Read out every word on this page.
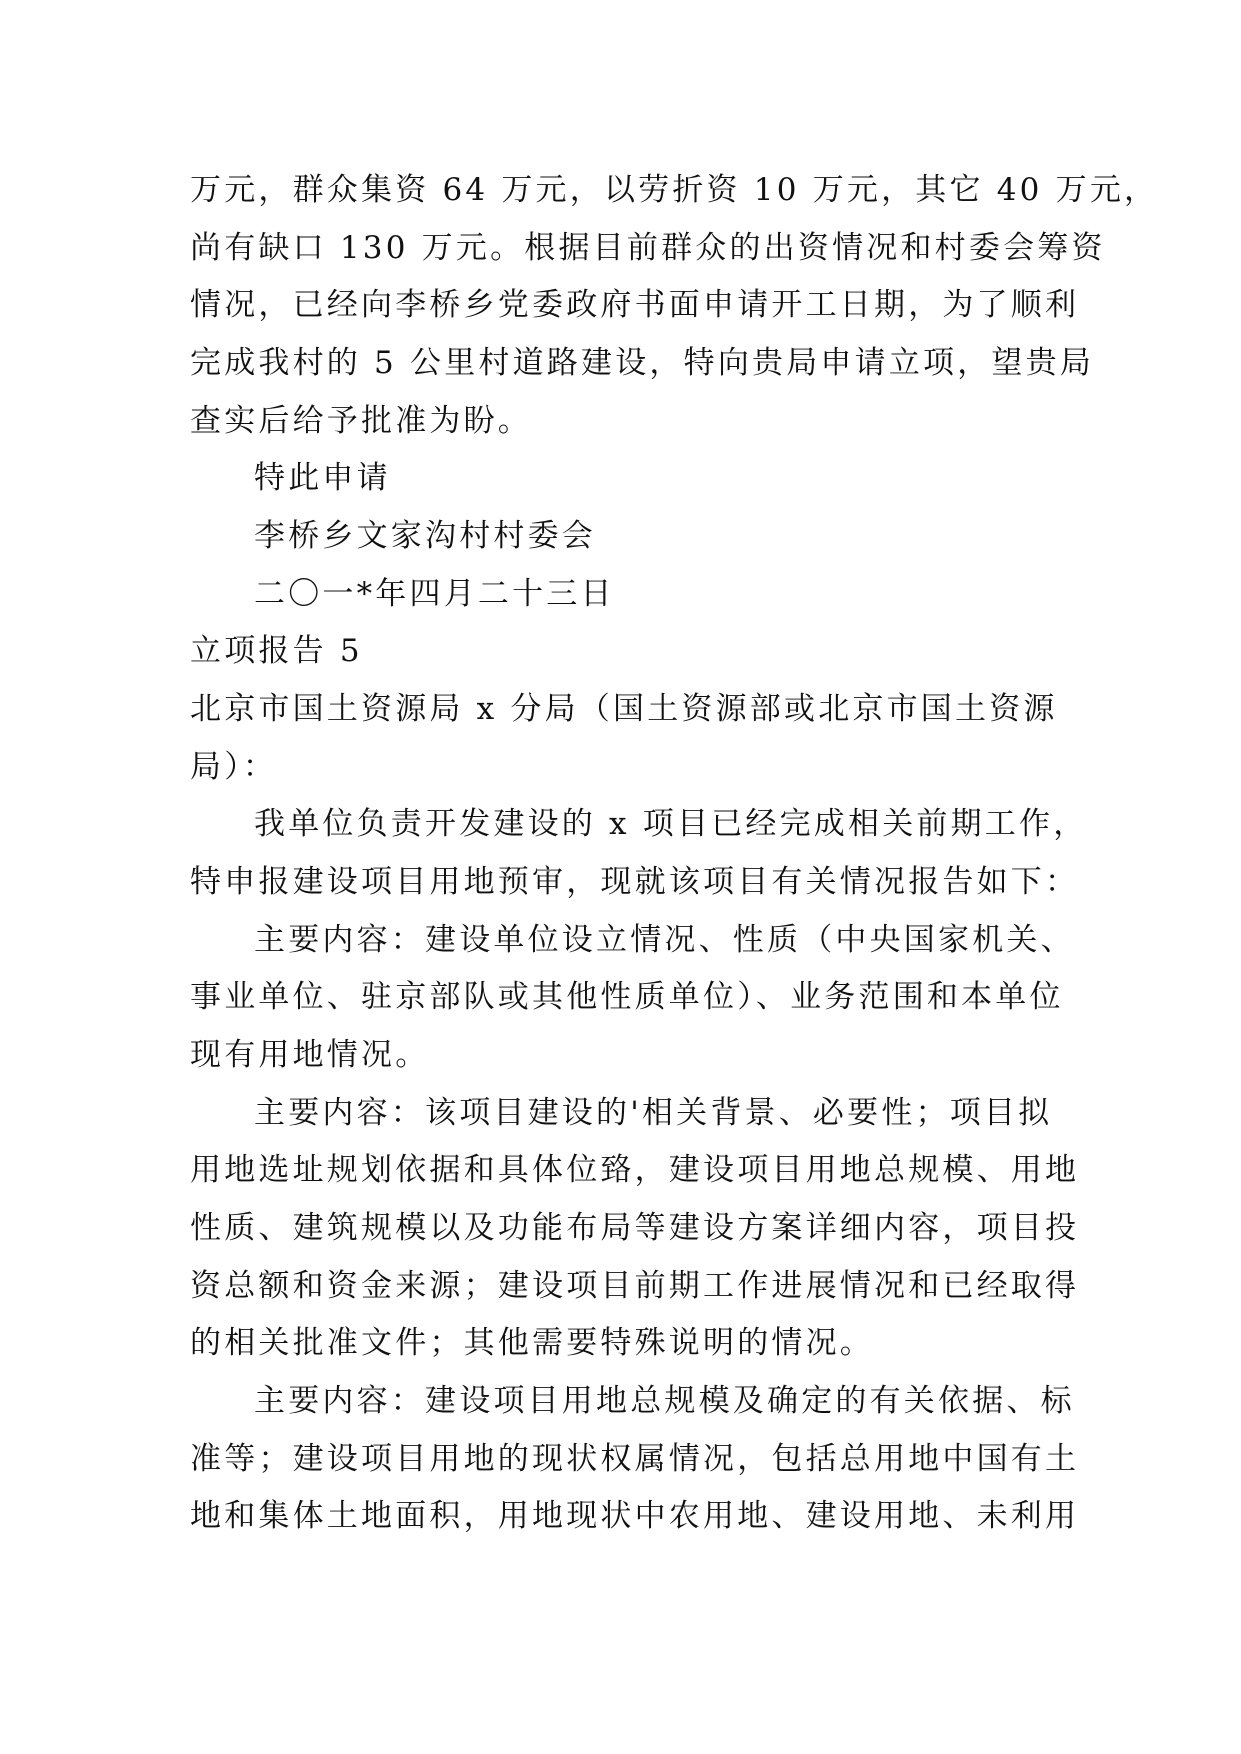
万元，群众集资 64 万元，以劳折资 10 万元，其它 40 万元，
尚有缺口 130 万元。根据目前群众的出资情况和村委会筹资
情况，已经向李桥乡党委政府书面申请开工日期，为了顺利
完成我村的 5 公里村道路建设，特向贵局申请立项，望贵局
查实后给予批准为盼。
特此申请
李桥乡文家沟村村委会
二〇一*年四月二十三日
立项报告 5
北京市国土资源局 x 分局（国土资源部或北京市国土资源
局）：
我单位负责开发建设的 x 项目已经完成相关前期工作，
特申报建设项目用地预审，现就该项目有关情况报告如下：
主要内容：建设单位设立情况、性质（中央国家机关、
事业单位、驻京部队或其他性质单位）、业务范围和本单位
现有用地情况。
主要内容：该项目建设的'相关背景、必要性；项目拟
用地选址规划依据和具体位臵，建设项目用地总规模、用地
性质、建筑规模以及功能布局等建设方案详细内容，项目投
资总额和资金来源；建设项目前期工作进展情况和已经取得
的相关批准文件；其他需要特殊说明的情况。
主要内容：建设项目用地总规模及确定的有关依据、标
准等；建设项目用地的现状权属情况，包括总用地中国有土
地和集体土地面积，用地现状中农用地、建设用地、未利用
